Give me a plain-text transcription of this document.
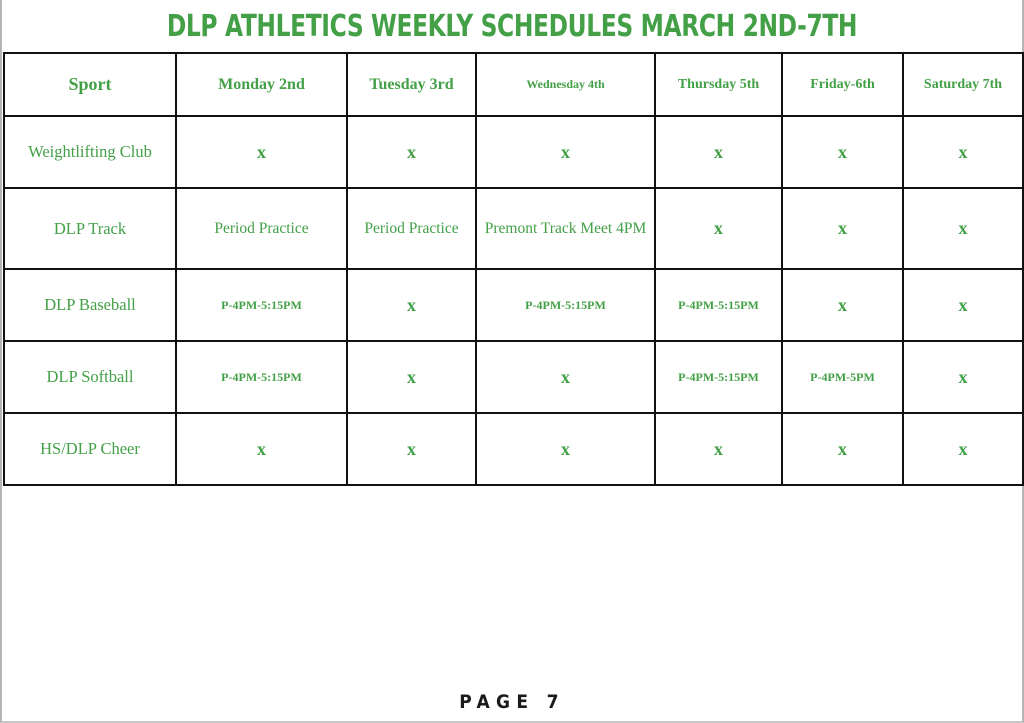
DLP ATHLETICS WEEKLY SCHEDULES MARCH 2ND-7TH
Sport	Monday 2nd	Tuesday 3rd	Wednesday 4th	Thursday 5th	Friday-6th	Saturday 7th
Weightlifting Club	x	x	x	x	x	x
DLP Track	Period Practice	Period Practice	Premont Track Meet 4PM	x	x	x
DLP Baseball	P-4PM-5:15PM	x	P-4PM-5:15PM	P-4PM-5:15PM	x	x
DLP Softball	P-4PM-5:15PM	x	x	P-4PM-5:15PM	P-4PM-5PM	x
HS/DLP Cheer	x	x	x	x	x	x
PAGE 7
